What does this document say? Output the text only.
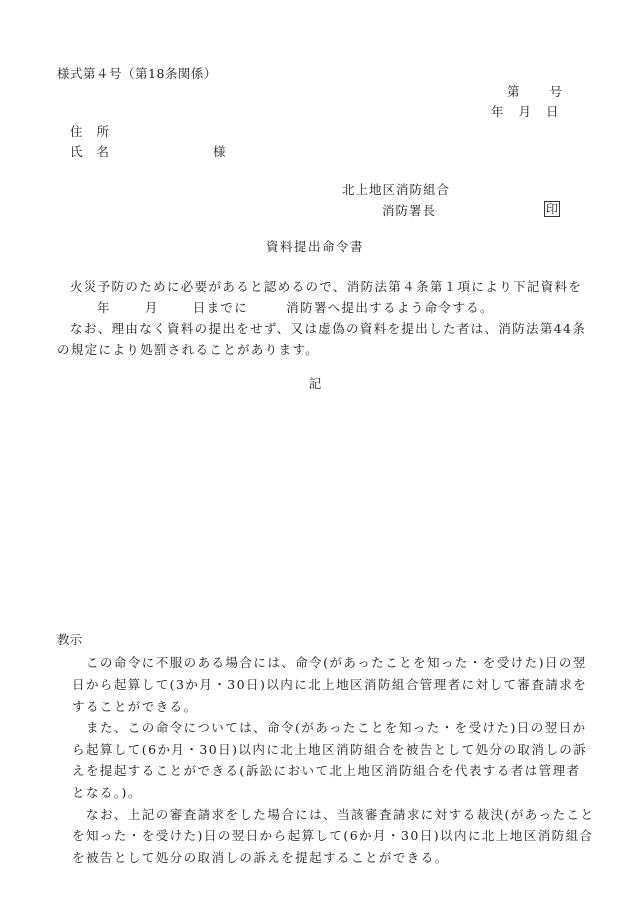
様式第４号（第18条関係）
第 号
年 月 日
住 所
氏 名	様
北上地区消防組合
消防署長	印
資料提出命令書
火災予防のために必要があると認めるので、消防法第４条第１項により下記資料を
年	月	日までに	消防署へ提出するよう命令する。
なお、理由なく資料の提出をせず、又は虚偽の資料を提出した者は、消防法第44条
の規定により処罰されることがあります。
記
教示
この命令に不服のある場合には、命令(があったことを知った・を受けた)日の翌
日から起算して(3か月・30日)以内に北上地区消防組合管理者に対して審査請求を
することができる。
また、この命令については、命令(があったことを知った・を受けた)日の翌日か
ら起算して(6か月・30日)以内に北上地区消防組合を被告として処分の取消しの訴
えを提起することができる(訴訟において北上地区消防組合を代表する者は管理者
となる。)。
なお、上記の審査請求をした場合には、当該審査請求に対する裁決(があったこと
を知った・を受けた)日の翌日から起算して(6か月・30日)以内に北上地区消防組合
を被告として処分の取消しの訴えを提起することができる。
